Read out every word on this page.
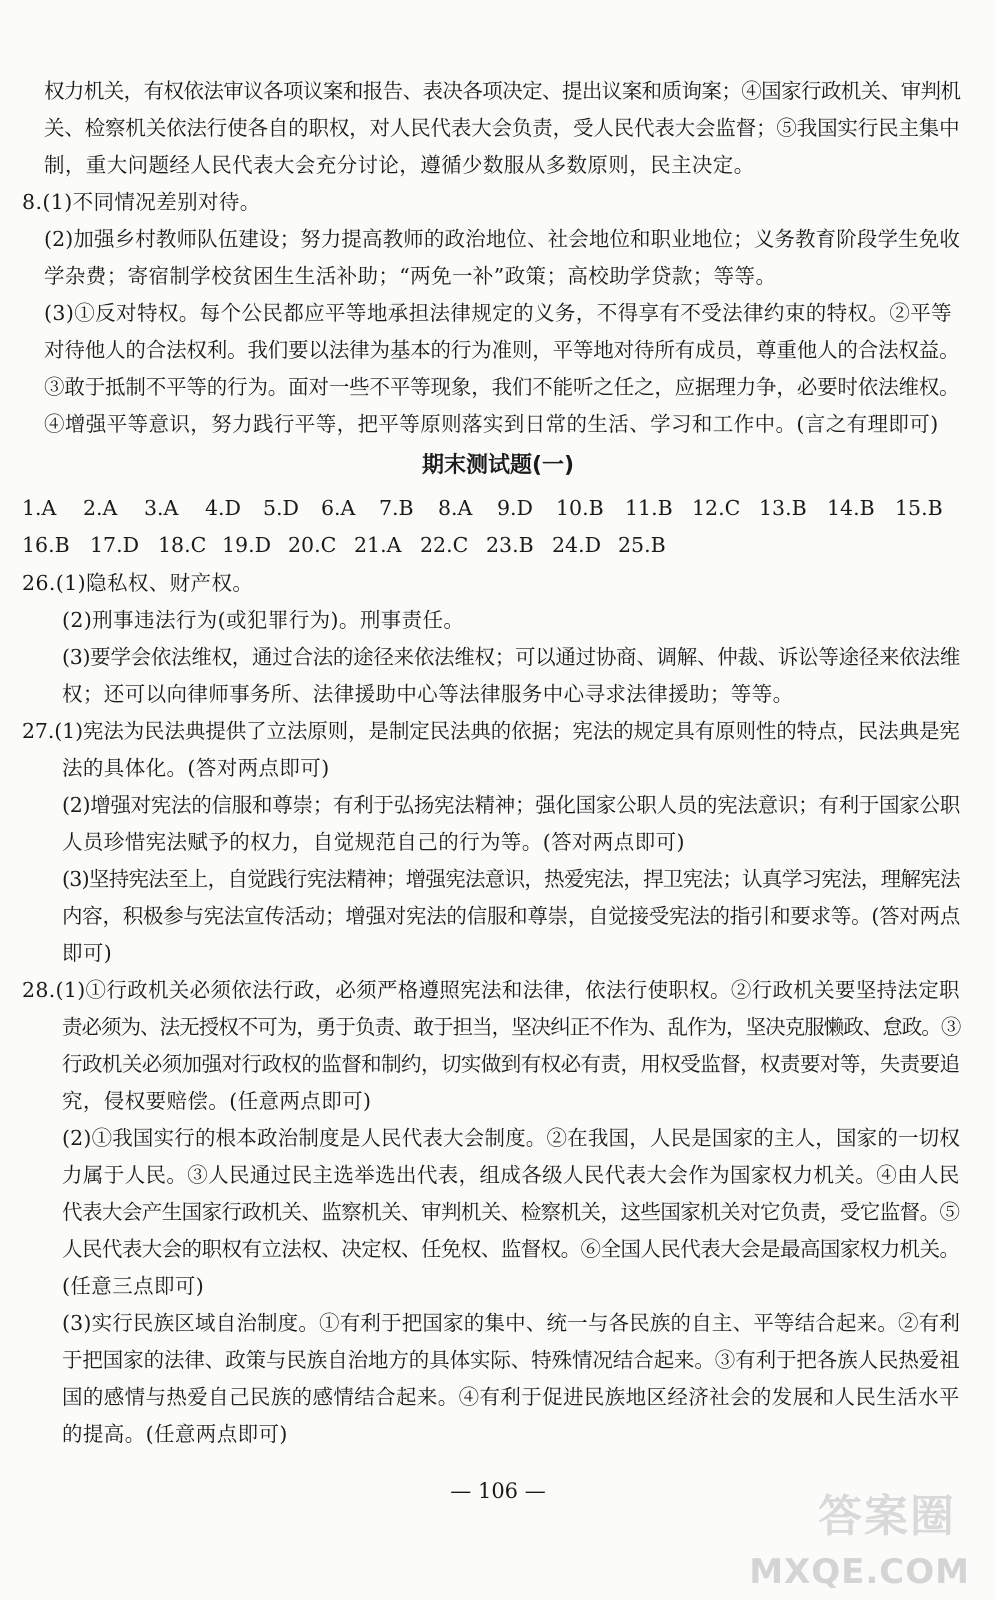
权力机关，有权依法审议各项议案和报告、表决各项决定、提出议案和质询案；④国家行政机关、审判机
关、检察机关依法行使各自的职权，对人民代表大会负责，受人民代表大会监督；⑤我国实行民主集中
制，重大问题经人民代表大会充分讨论，遵循少数服从多数原则，民主决定。
8.(1)不同情况差别对待。
(2)加强乡村教师队伍建设；努力提高教师的政治地位、社会地位和职业地位；义务教育阶段学生免收
学杂费；寄宿制学校贫困生生活补助；“两免一补”政策；高校助学贷款；等等。
(3)①反对特权。每个公民都应平等地承担法律规定的义务，不得享有不受法律约束的特权。②平等
对待他人的合法权利。我们要以法律为基本的行为准则，平等地对待所有成员，尊重他人的合法权益。
③敢于抵制不平等的行为。面对一些不平等现象，我们不能听之任之，应据理力争，必要时依法维权。
④增强平等意识，努力践行平等，把平等原则落实到日常的生活、学习和工作中。(言之有理即可)
期末测试题(一)
1.A 2.A 3.A 4.D 5.D 6.A 7.B 8.A 9.D 10.B 11.B 12.C 13.B 14.B 15.B
16.B 17.D 18.C 19.D 20.C 21.A 22.C 23.B 24.D 25.B
26.(1)隐私权、财产权。
(2)刑事违法行为(或犯罪行为)。刑事责任。
(3)要学会依法维权，通过合法的途径来依法维权；可以通过协商、调解、仲裁、诉讼等途径来依法维
权；还可以向律师事务所、法律援助中心等法律服务中心寻求法律援助；等等。
27.(1)宪法为民法典提供了立法原则，是制定民法典的依据；宪法的规定具有原则性的特点，民法典是宪
法的具体化。(答对两点即可)
(2)增强对宪法的信服和尊崇；有利于弘扬宪法精神；强化国家公职人员的宪法意识；有利于国家公职
人员珍惜宪法赋予的权力，自觉规范自己的行为等。(答对两点即可)
(3)坚持宪法至上，自觉践行宪法精神；增强宪法意识，热爱宪法，捍卫宪法；认真学习宪法，理解宪法
内容，积极参与宪法宣传活动；增强对宪法的信服和尊崇，自觉接受宪法的指引和要求等。(答对两点
即可)
28.(1)①行政机关必须依法行政，必须严格遵照宪法和法律，依法行使职权。②行政机关要坚持法定职
责必须为、法无授权不可为，勇于负责、敢于担当，坚决纠正不作为、乱作为，坚决克服懒政、怠政。③
行政机关必须加强对行政权的监督和制约，切实做到有权必有责，用权受监督，权责要对等，失责要追
究，侵权要赔偿。(任意两点即可)
(2)①我国实行的根本政治制度是人民代表大会制度。②在我国，人民是国家的主人，国家的一切权
力属于人民。③人民通过民主选举选出代表，组成各级人民代表大会作为国家权力机关。④由人民
代表大会产生国家行政机关、监察机关、审判机关、检察机关，这些国家机关对它负责，受它监督。⑤
人民代表大会的职权有立法权、决定权、任免权、监督权。⑥全国人民代表大会是最高国家权力机关。
(任意三点即可)
(3)实行民族区域自治制度。①有利于把国家的集中、统一与各民族的自主、平等结合起来。②有利
于把国家的法律、政策与民族自治地方的具体实际、特殊情况结合起来。③有利于把各族人民热爱祖
国的感情与热爱自己民族的感情结合起来。④有利于促进民族地区经济社会的发展和人民生活水平
的提高。(任意两点即可)
— 106 —	答案圈
MXQE.COM
